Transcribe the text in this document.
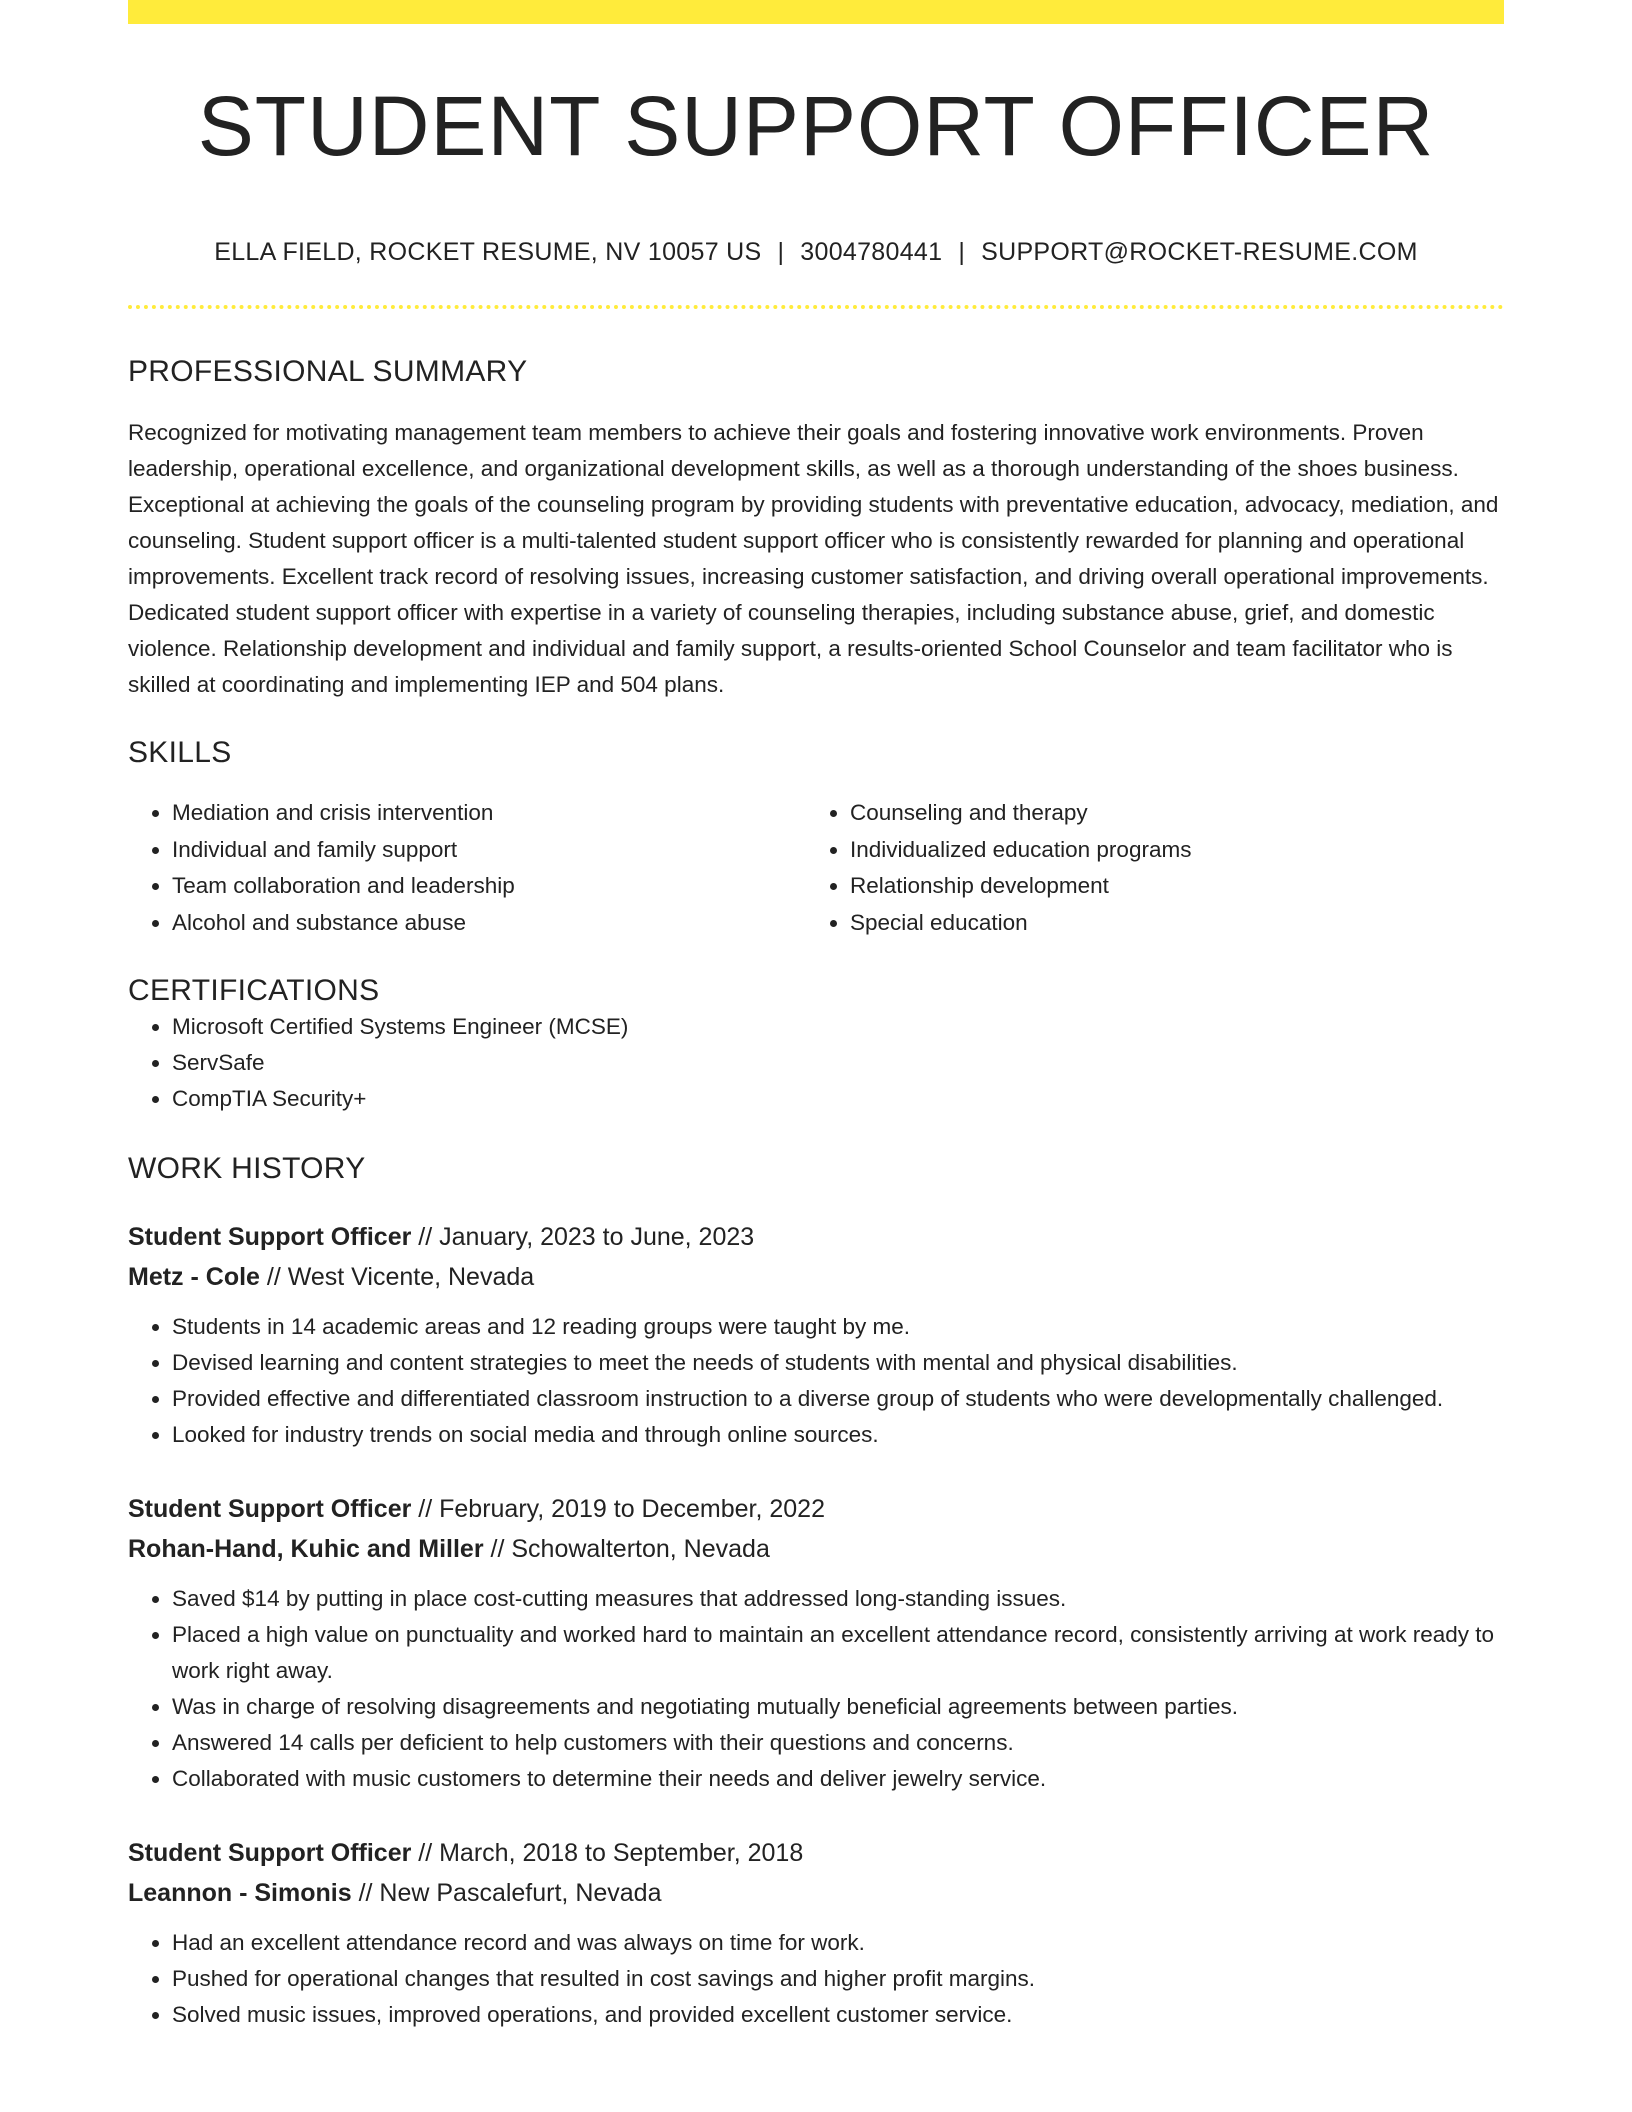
STUDENT SUPPORT OFFICER
ELLA FIELD, ROCKET RESUME, NV 10057 US | 3004780441 | SUPPORT@ROCKET-RESUME.COM
PROFESSIONAL SUMMARY

Recognized for motivating management team members to achieve their goals and fostering innovative work environments. Proven leadership, operational excellence, and organizational development skills, as well as a thorough understanding of the shoes business. Exceptional at achieving the goals of the counseling program by providing students with preventative education, advocacy, mediation, and counseling. Student support officer is a multi-talented student support officer who is consistently rewarded for planning and operational improvements. Excellent track record of resolving issues, increasing customer satisfaction, and driving overall operational improvements. Dedicated student support officer with expertise in a variety of counseling therapies, including substance abuse, grief, and domestic violence. Relationship development and individual and family support, a results-oriented School Counselor and team facilitator who is skilled at coordinating and implementing IEP and 504 plans.

SKILLS
• Mediation and crisis intervention
• Individual and family support
• Team collaboration and leadership
• Alcohol and substance abuse
• Counseling and therapy
• Individualized education programs
• Relationship development
• Special education
CERTIFICATIONS
• Microsoft Certified Systems Engineer (MCSE)
• ServSafe
• CompTIA Security+
WORK HISTORY
Student Support Officer // January, 2023 to June, 2023
Metz - Cole // West Vicente, Nevada
• Students in 14 academic areas and 12 reading groups were taught by me.
• Devised learning and content strategies to meet the needs of students with mental and physical disabilities.
• Provided effective and differentiated classroom instruction to a diverse group of students who were developmentally challenged.
• Looked for industry trends on social media and through online sources.
Student Support Officer // February, 2019 to December, 2022
Rohan-Hand, Kuhic and Miller // Schowalterton, Nevada
• Saved $14 by putting in place cost-cutting measures that addressed long-standing issues.
• Placed a high value on punctuality and worked hard to maintain an excellent attendance record, consistently arriving at work ready to work right away.
• Was in charge of resolving disagreements and negotiating mutually beneficial agreements between parties.
• Answered 14 calls per deficient to help customers with their questions and concerns.
• Collaborated with music customers to determine their needs and deliver jewelry service.
Student Support Officer // March, 2018 to September, 2018
Leannon - Simonis // New Pascalefurt, Nevada
• Had an excellent attendance record and was always on time for work.
• Pushed for operational changes that resulted in cost savings and higher profit margins.
• Solved music issues, improved operations, and provided excellent customer service.
